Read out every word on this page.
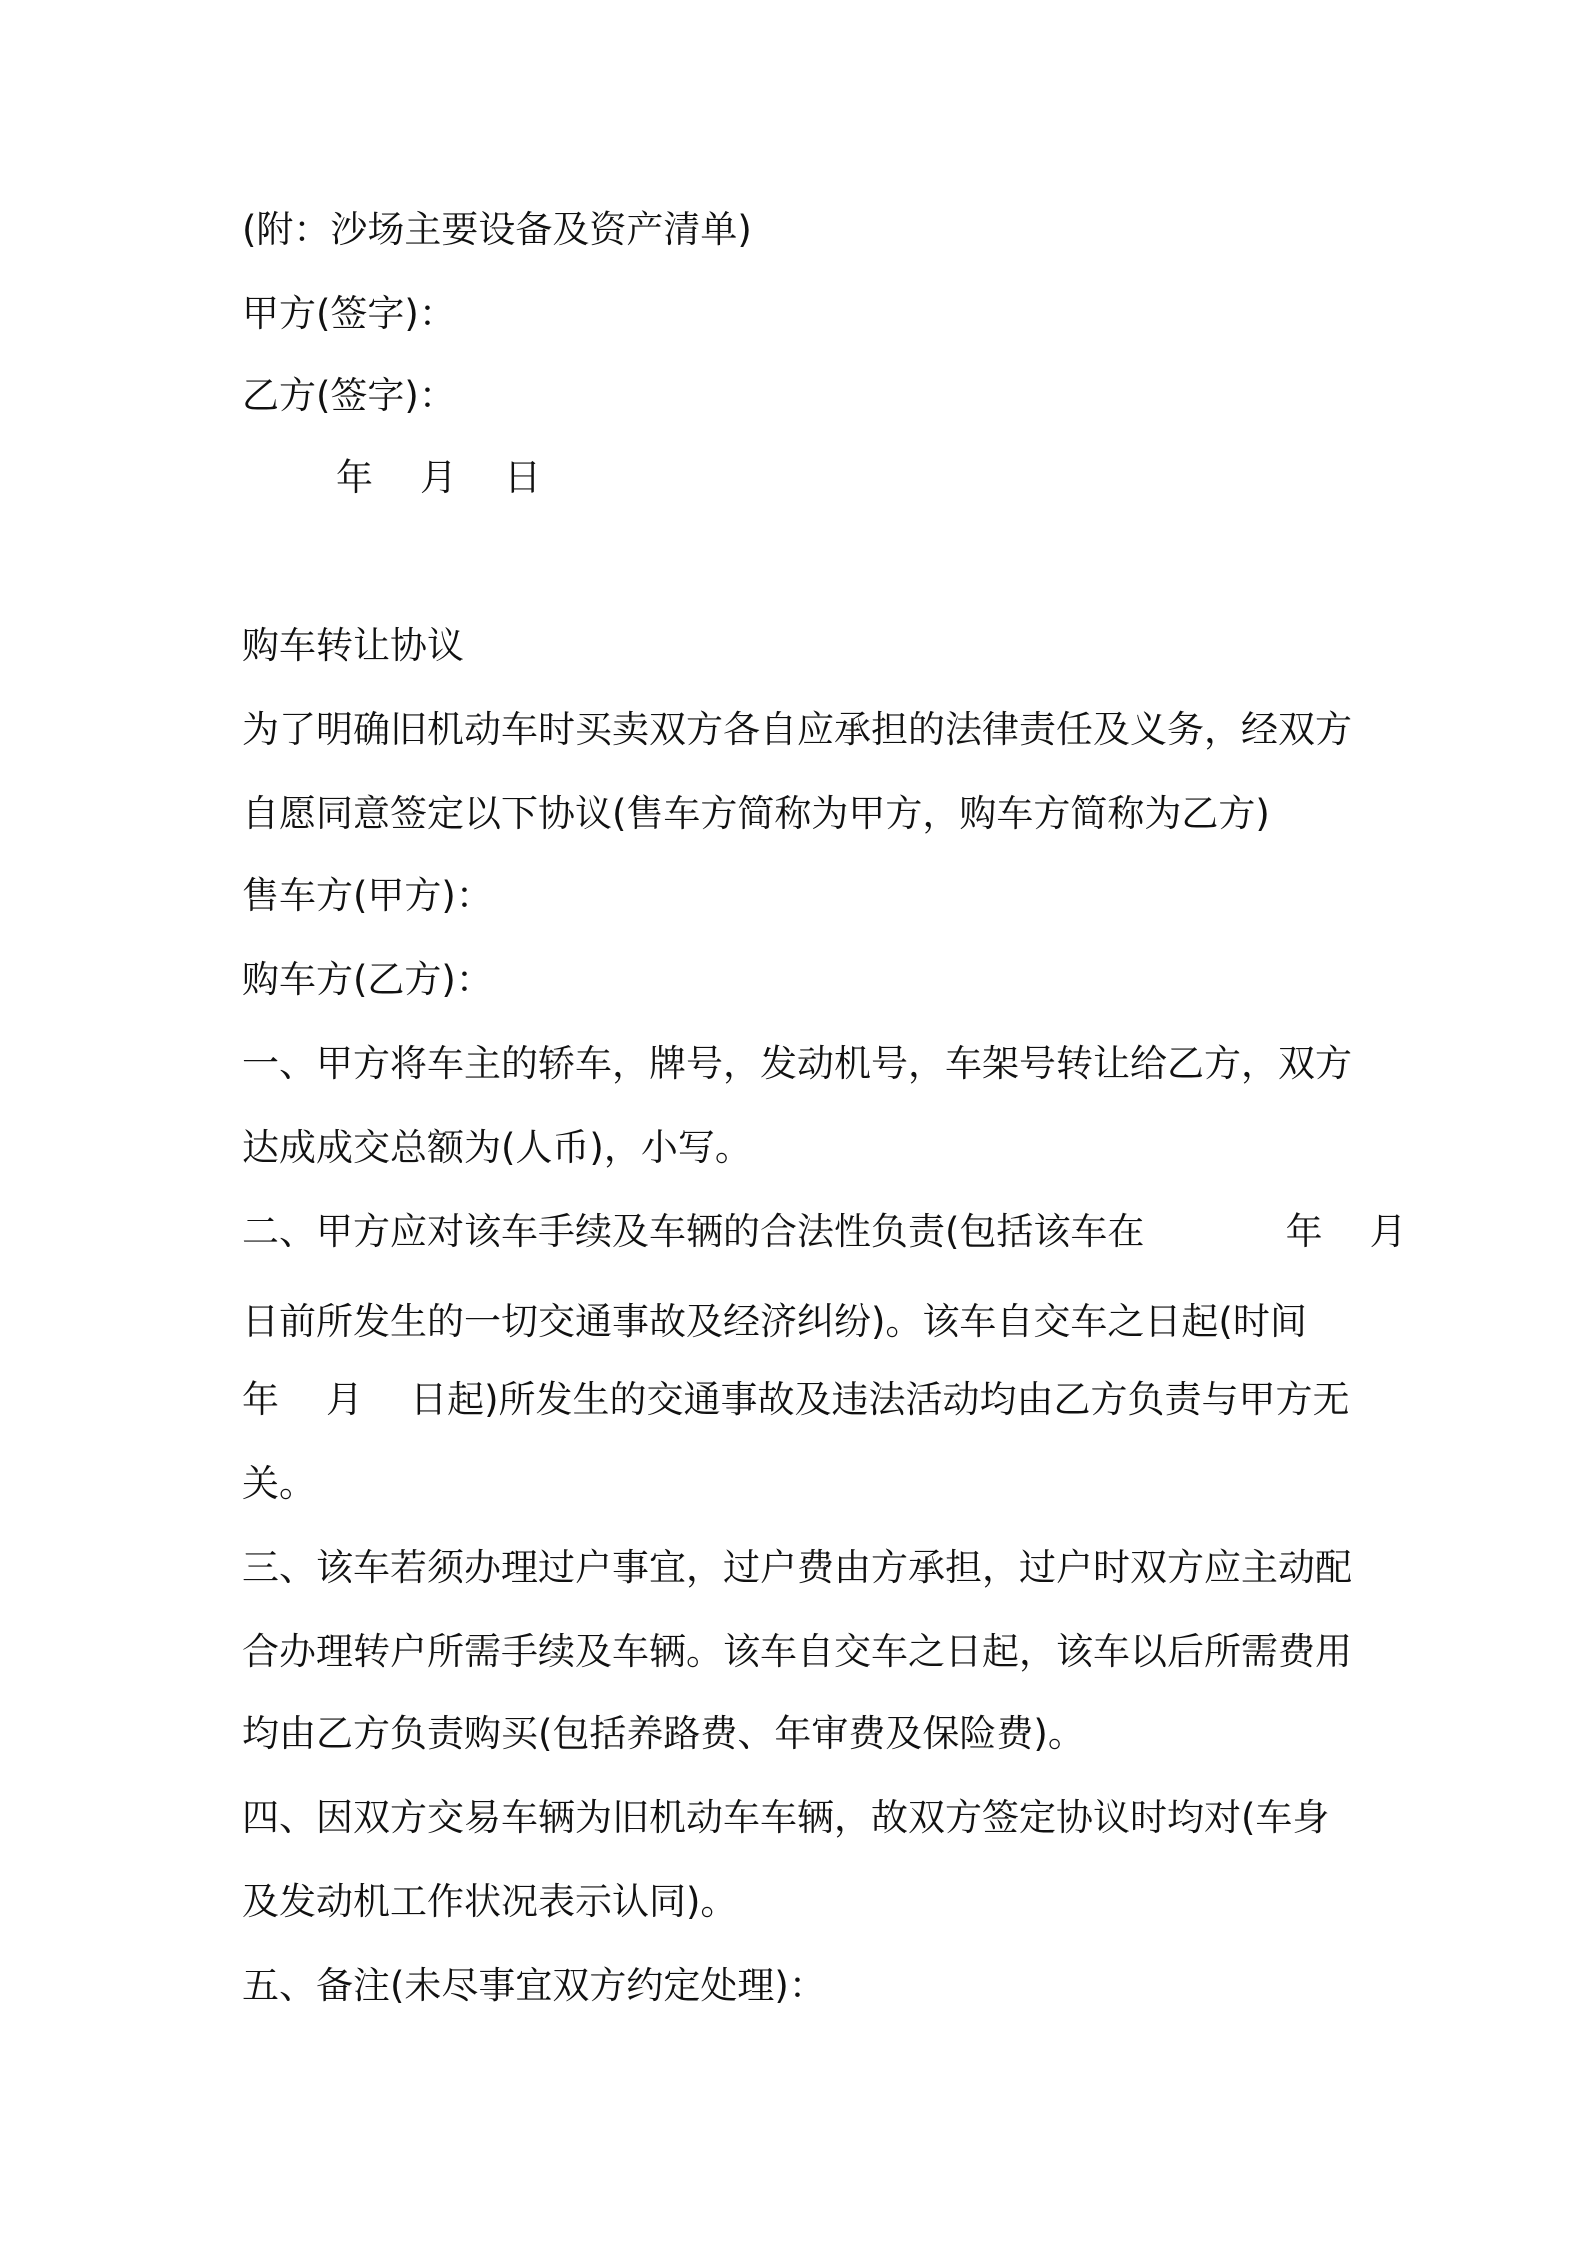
(附：沙场主要设备及资产清单)
甲方(签字)：
乙方(签字)：
年    月    日
购车转让协议
为了明确旧机动车时买卖双方各自应承担的法律责任及义务，经双方
自愿同意签定以下协议(售车方简称为甲方，购车方简称为乙方)
售车方(甲方)：
购车方(乙方)：
一、甲方将车主的轿车，牌号，发动机号，车架号转让给乙方，双方
达成成交总额为(人币)，小写。
二、甲方应对该车手续及车辆的合法性负责(包括该车在            年    月
日前所发生的一切交通事故及经济纠纷)。该车自交车之日起(时间
年    月    日起)所发生的交通事故及违法活动均由乙方负责与甲方无
关。
三、该车若须办理过户事宜，过户费由方承担，过户时双方应主动配
合办理转户所需手续及车辆。该车自交车之日起，该车以后所需费用
均由乙方负责购买(包括养路费、年审费及保险费)。
四、因双方交易车辆为旧机动车车辆，故双方签定协议时均对(车身
及发动机工作状况表示认同)。
五、备注(未尽事宜双方约定处理)：
